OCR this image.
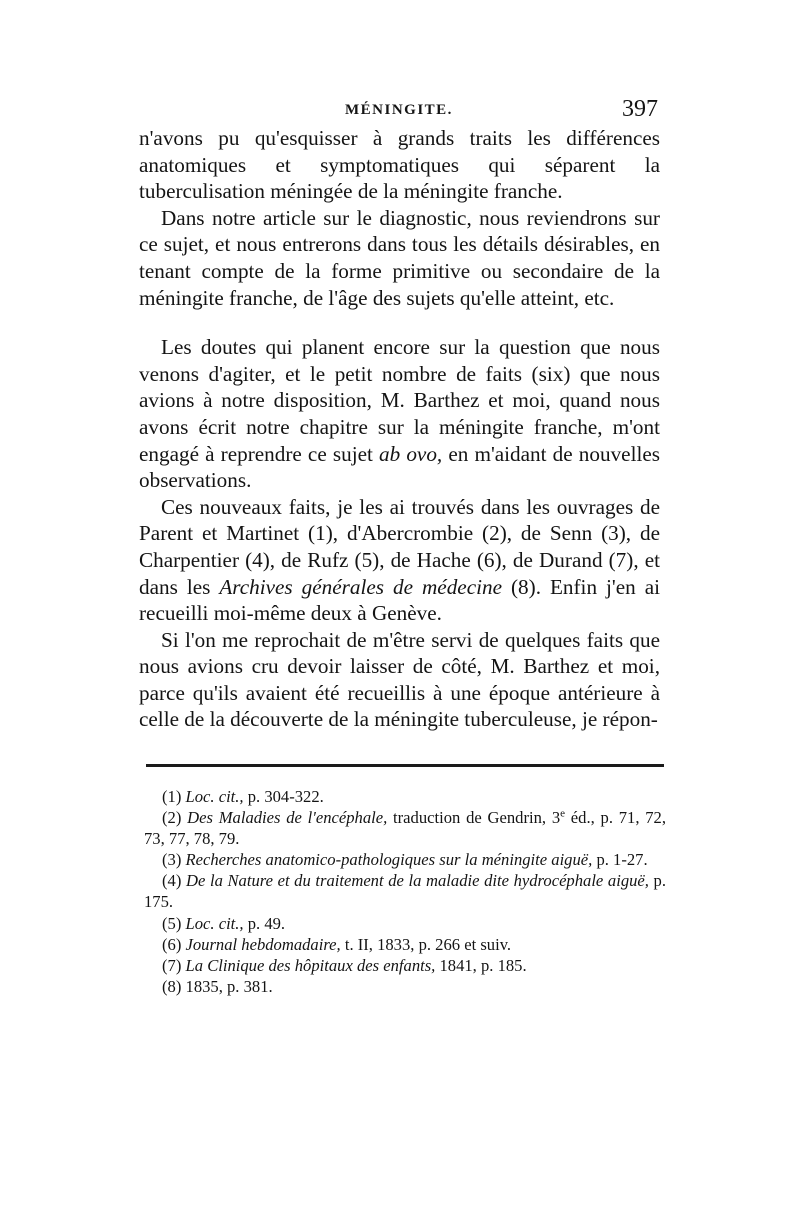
MÉNINGITE.	397

n'avons pu qu'esquisser à grands traits les différences anatomiques et symptomatiques qui séparent la tuberculisation méningée de la méningite franche.

Dans notre article sur le diagnostic, nous reviendrons sur ce sujet, et nous entrerons dans tous les détails désirables, en tenant compte de la forme primitive ou secondaire de la méningite franche, de l'âge des sujets qu'elle atteint, etc.

Les doutes qui planent encore sur la question que nous venons d'agiter, et le petit nombre de faits (six) que nous avions à notre disposition, M. Barthez et moi, quand nous avons écrit notre chapitre sur la méningite franche, m'ont engagé à reprendre ce sujet ab ovo, en m'aidant de nouvelles observations.

Ces nouveaux faits, je les ai trouvés dans les ouvrages de Parent et Martinet (1), d'Abercrombie (2), de Senn (3), de Charpentier (4), de Rufz (5), de Hache (6), de Durand (7), et dans les Archives générales de médecine (8). Enfin j'en ai recueilli moi-même deux à Genève.

Si l'on me reprochait de m'être servi de quelques faits que nous avions cru devoir laisser de côté, M. Barthez et moi, parce qu'ils avaient été recueillis à une époque antérieure à celle de la découverte de la méningite tuberculeuse, je répon-

(1) Loc. cit., p. 304-322.

(2) Des Maladies de l'encéphale, traduction de Gendrin, 3e éd., p. 71, 72, 73, 77, 78, 79.

(3) Recherches anatomico-pathologiques sur la méningite aiguë, p. 1-27.

(4) De la Nature et du traitement de la maladie dite hydrocéphale aiguë, p. 175.

(5) Loc. cit., p. 49.

(6) Journal hebdomadaire, t. II, 1833, p. 266 et suiv.

(7) La Clinique des hôpitaux des enfants, 1841, p. 185.

(8) 1835, p. 381.
